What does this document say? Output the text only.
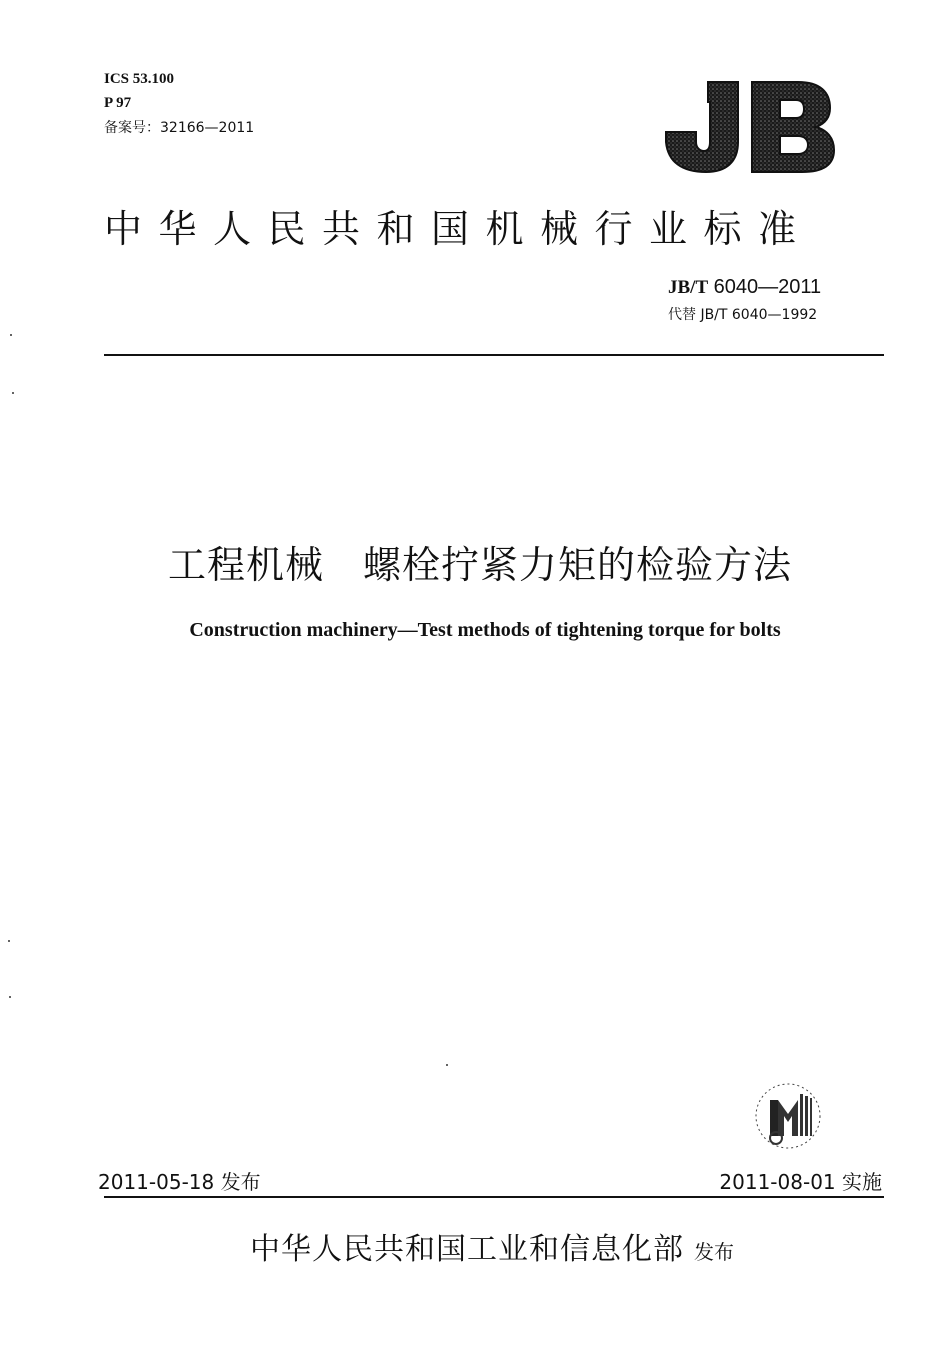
ICS 53.100
P 97
备案号：32166—2011
JB
中华人民共和国机械行业标准
JB/T 6040—2011
代替 JB/T 6040—1992
工程机械　螺栓拧紧力矩的检验方法
Construction machinery—Test methods of tightening torque for bolts
2011-05-18 发布	2011-08-01 实施
中华人民共和国工业和信息化部 发布
